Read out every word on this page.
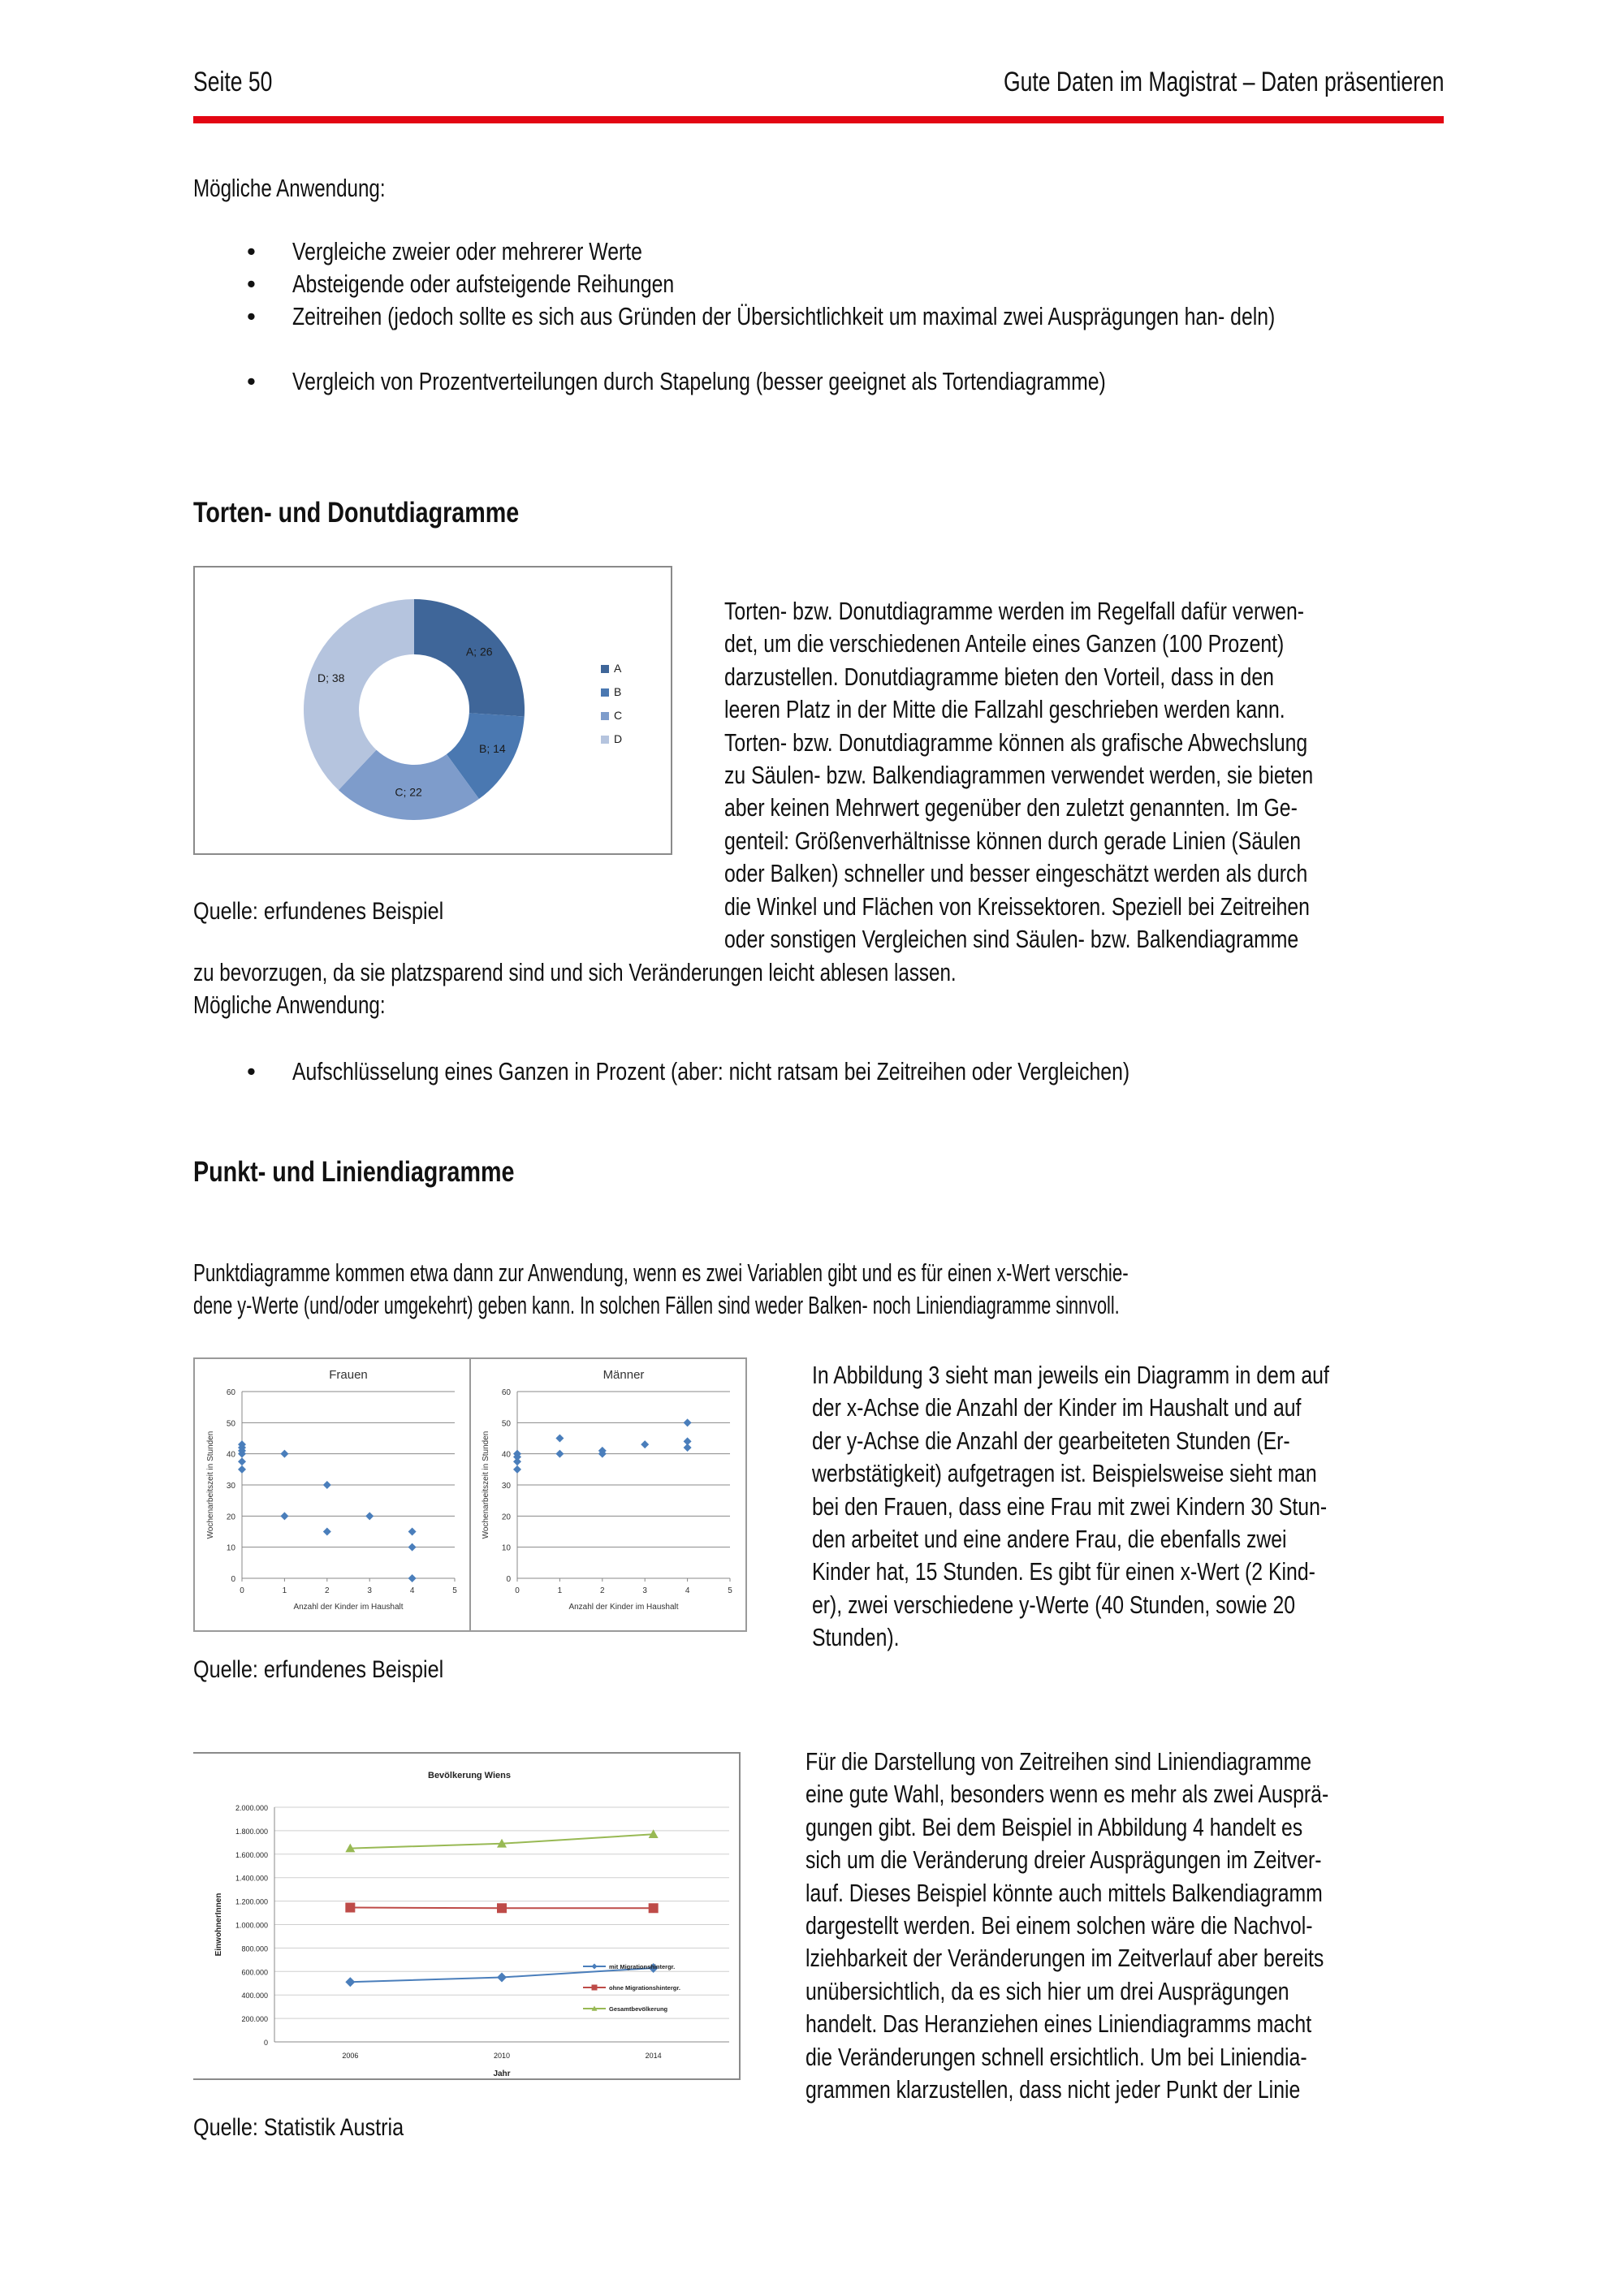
Seite 50	Gute Daten im Magistrat – Daten präsentieren
Mögliche Anwendung:
• Vergleiche zweier oder mehrerer Werte
• Absteigende oder aufsteigende Reihungen
• Zeitreihen (jedoch sollte es sich aus Gründen der Übersichtlichkeit um maximal zwei Ausprägungen han- deln)
• Vergleich von Prozentverteilungen durch Stapelung (besser geeignet als Tortendiagramme)
Torten- und Donutdiagramme
A; 26
B; 14
C; 22
D; 38
A
B
C
D
Quelle: erfundenes Beispiel
Torten- bzw. Donutdiagramme werden im Regelfall dafür verwen-
det, um die verschiedenen Anteile eines Ganzen (100 Prozent)
darzustellen. Donutdiagramme bieten den Vorteil, dass in den
leeren Platz in der Mitte die Fallzahl geschrieben werden kann.
Torten- bzw. Donutdiagramme können als grafische Abwechslung
zu Säulen- bzw. Balkendiagrammen verwendet werden, sie bieten
aber keinen Mehrwert gegenüber den zuletzt genannten. Im Ge-
genteil: Größenverhältnisse können durch gerade Linien (Säulen
oder Balken) schneller und besser eingeschätzt werden als durch
die Winkel und Flächen von Kreissektoren. Speziell bei Zeitreihen
oder sonstigen Vergleichen sind Säulen- bzw. Balkendiagramme
zu bevorzugen, da sie platzsparend sind und sich Veränderungen leicht ablesen lassen.
Mögliche Anwendung:
• Aufschlüsselung eines Ganzen in Prozent (aber: nicht ratsam bei Zeitreihen oder Vergleichen)
Punkt- und Liniendiagramme
Punktdiagramme kommen etwa dann zur Anwendung, wenn es zwei Variablen gibt und es für einen x-Wert verschie-
dene y-Werte (und/oder umgekehrt) geben kann. In solchen Fällen sind weder Balken- noch Liniendiagramme sinnvoll.
Frauen
0
10
20
30
40
50
60
0	1	2	3	4	5
Anzahl der Kinder im Haushalt
Wochenarbeitszeit in Stunden
Männer
0
10
20
30
40
50
60
0	1	2	3	4	5
Anzahl der Kinder im Haushalt
Wochenarbeitszeit in Stunden
Quelle: erfundenes Beispiel
In Abbildung 3 sieht man jeweils ein Diagramm in dem auf
der x-Achse die Anzahl der Kinder im Haushalt und auf
der y-Achse die Anzahl der gearbeiteten Stunden (Er-
werbstätigkeit) aufgetragen ist. Beispielsweise sieht man
bei den Frauen, dass eine Frau mit zwei Kindern 30 Stun-
den arbeitet und eine andere Frau, die ebenfalls zwei
Kinder hat, 15 Stunden. Es gibt für einen x-Wert (2 Kind-
er), zwei verschiedene y-Werte (40 Stunden, sowie 20
Stunden).
Bevölkerung Wiens
0
200.000
400.000
600.000
800.000
1.000.000
1.200.000
1.400.000
1.600.000
1.800.000
2.000.000
2006	2010	2014
Jahr
EinwohnerInnen
mit Migrationshintergr.
ohne Migrationshintergr.
Gesamtbevölkerung
Quelle: Statistik Austria
Für die Darstellung von Zeitreihen sind Liniendiagramme
eine gute Wahl, besonders wenn es mehr als zwei Ausprä-
gungen gibt. Bei dem Beispiel in Abbildung 4 handelt es
sich um die Veränderung dreier Ausprägungen im Zeitver-
lauf. Dieses Beispiel könnte auch mittels Balkendiagramm
dargestellt werden. Bei einem solchen wäre die Nachvol-
lziehbarkeit der Veränderungen im Zeitverlauf aber bereits
unübersichtlich, da es sich hier um drei Ausprägungen
handelt. Das Heranziehen eines Liniendiagramms macht
die Veränderungen schnell ersichtlich. Um bei Liniendia-
grammen klarzustellen, dass nicht jeder Punkt der Linie
